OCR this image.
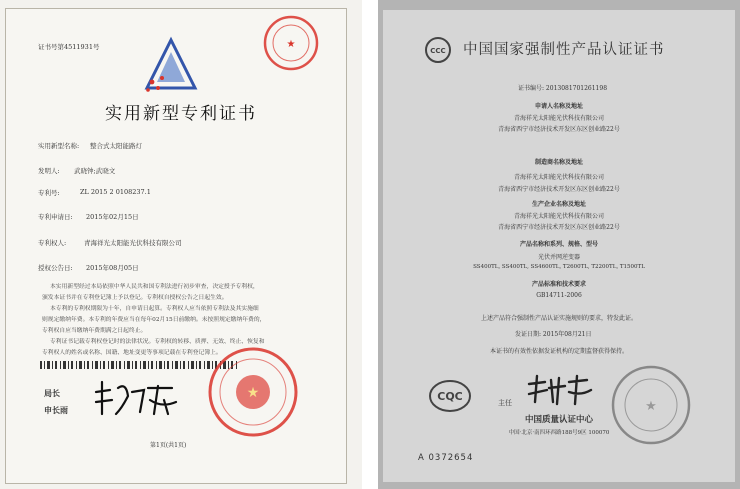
证书号第4511931号	★
实用新型专利证书
实用新型名称: 整合式太阳能路灯
发明人: 武晓钟;武晓文
专利号:	ZL 2015 2 0108237.1
专利申请日: 2015年02月15日
专利权人:	青海祥光太阳能光伏科技有限公司
授权公告日: 2015年08月05日
本实用新型经过本局依照中华人民共和国专利法进行初步审查，决定授予专利权，
颁发本证书并在专利登记簿上予以登记。专利权自授权公告之日起生效。
本专利的专利权期限为十年，自申请日起算。专利权人应当依照专利法及其实施细
则规定缴纳年费。本专利的年费应当在每年02月15日前缴纳。未按照规定缴纳年费的，
专利权自应当缴纳年费期满之日起终止。
专利证书记载专利权登记时的法律状况。专利权的转移、质押、无效、终止、恢复和
专利权人的姓名或名称、国籍、地址变更等事项记载在专利登记簿上。
局长
申长雨
★
第1页(共1页)
CCC 中国国家强制性产品认证证书
证书编号: 2013081701261198
申请人名称及地址
青海祥光太阳能光伏科技有限公司
青海省西宁市经济技术开发区东区创业路22号
制造商名称及地址
青海祥光太阳能光伏科技有限公司
青海省西宁市经济技术开发区东区创业路22号
生产企业名称及地址
青海祥光太阳能光伏科技有限公司
青海省西宁市经济技术开发区东区创业路22号
产品名称和系列、规格、型号
光伏并网逆变器
SS400TL, SS400TL, SS4600TL, T2600TL, T2200TL, T1500TL
产品标准和技术要求
GB14711-2006
上述产品符合强制性产品认证实施规则的要求，特发此证。
发证日期: 2015年08月21日
本证书的有效性依据发证机构的定期监督获得保持。
CQC	主任	★
中国质量认证中心
中国·北京·南四环西路188号9区 100070
A 0372654
